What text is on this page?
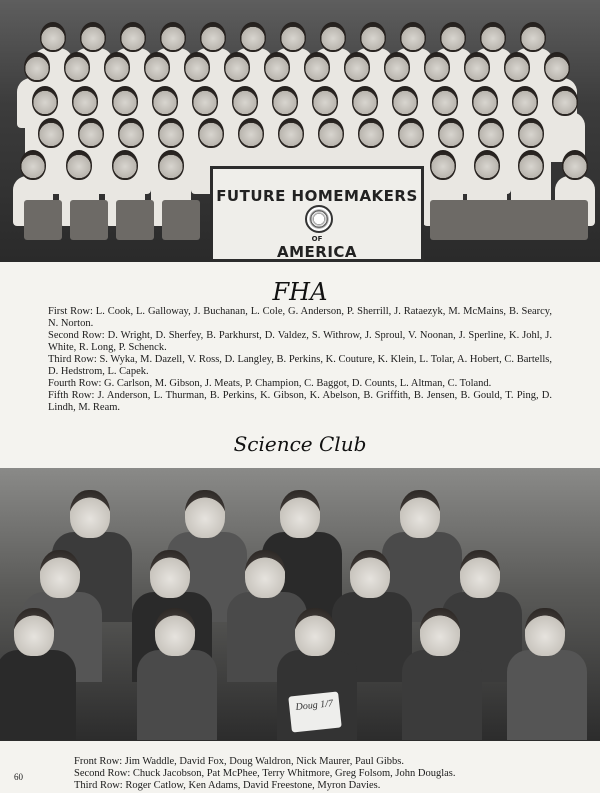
FUTURE HOMEMAKERS
OF
AMERICA
FHA

First Row: L. Cook, L. Galloway, J. Buchanan, L. Cole, G. Anderson, P. Sherrill, J. Rataezyk, M. McMains, B. Searcy, N. Norton.

Second Row: D. Wright, D. Sherfey, B. Parkhurst, D. Valdez, S. Withrow, J. Sproul, V. Noonan, J. Sperline, K. Johl, J. White, R. Long, P. Schenck.

Third Row: S. Wyka, M. Dazell, V. Ross, D. Langley, B. Perkins, K. Couture, K. Klein, L. Tolar, A. Hobert, C. Bartells, D. Hedstrom, L. Capek.

Fourth Row: G. Carlson, M. Gibson, J. Meats, P. Champion, C. Baggot, D. Counts, L. Altman, C. Toland.

Fifth Row: J. Anderson, L. Thurman, B. Perkins, K. Gibson, K. Abelson, B. Griffith, B. Jensen, B. Gould, T. Ping, D. Lindh, M. Ream.

Science Club
Doug 1/7

Front Row: Jim Waddle, David Fox, Doug Waldron, Nick Maurer, Paul Gibbs.

Second Row: Chuck Jacobson, Pat McPhee, Terry Whitmore, Greg Folsom, John Douglas.

Third Row: Roger Catlow, Ken Adams, David Freestone, Myron Davies.

60
